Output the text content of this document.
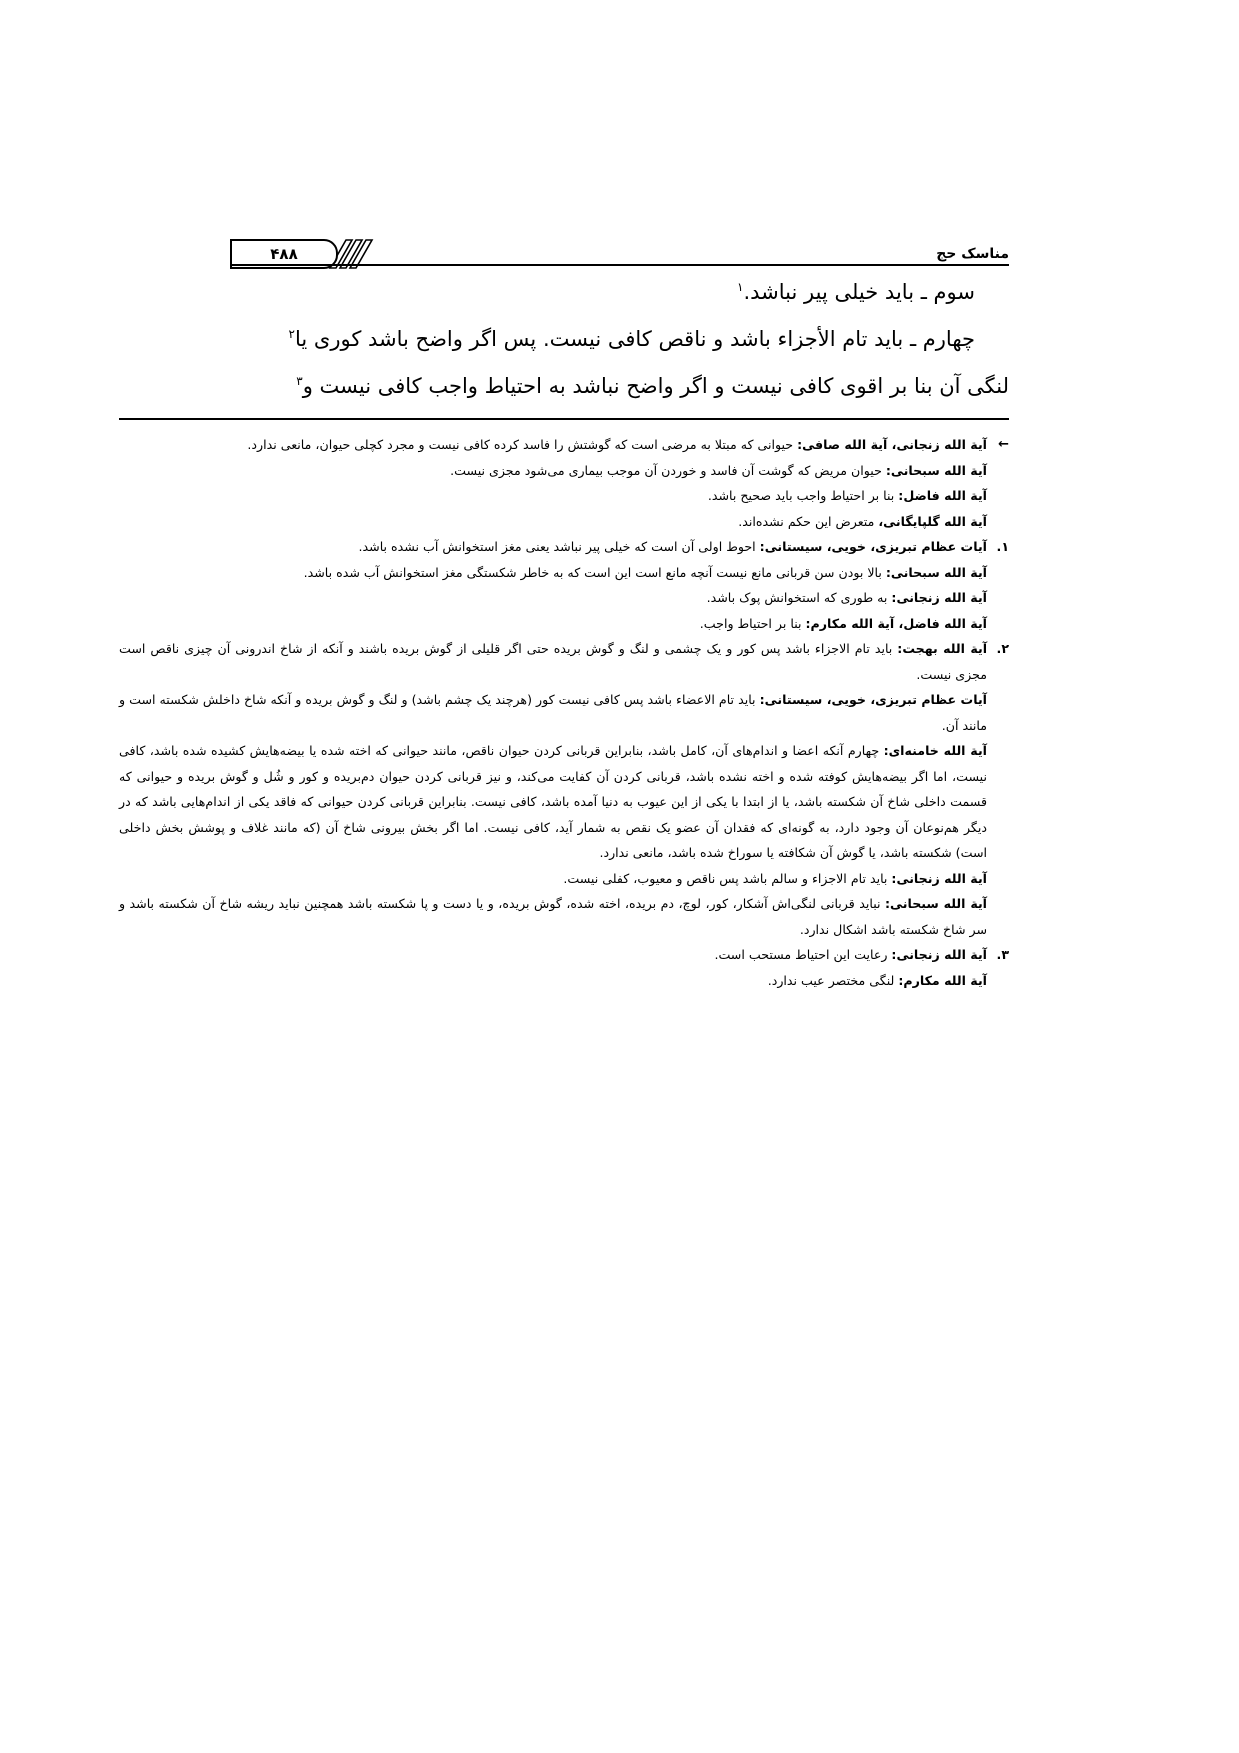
مناسک حج
۴۸۸
سوم ـ باید خیلی پیر نباشد.$^۱$
چهارم ـ باید تام الأجزاء باشد و ناقص کافی نیست. پس اگر واضح باشد کوری یا$^۲$
لنگی آن بنا بر اقوی کافی نیست و اگر واضح نباشد به احتیاط واجب کافی نیست و$^۳$
←
آیة الله زنجانی، آیة الله صافی: حیوانی که مبتلا به مرضی است که گوشتش را فاسد کرده کافی نیست و مجرد کچلی حیوان، مانعی ندارد.
آیة الله سبحانی: حیوان مریض که گوشت آن فاسد و خوردن آن موجب بیماری می‌شود مجزی نیست.
آیة الله فاضل: بنا بر احتیاط واجب باید صحیح باشد.
آیة الله گلپایگانی، متعرض این حکم نشده‌اند.
۱.
آیات عظام تبریزی، خویی، سیستانی: احوط اولی آن است که خیلی پیر نباشد یعنی مغز استخوانش آب نشده باشد.
آیة الله سبحانی: بالا بودن سن قربانی مانع نیست آنچه مانع است این است که به خاطر شکستگی مغز استخوانش آب شده باشد.
آیة الله زنجانی: به طوری که استخوانش پوک باشد.
آیة الله فاضل، آیة الله مکارم: بنا بر احتیاط واجب.
۲.
آیة الله بهجت: باید تام الاجزاء باشد پس کور و یک چشمی و لنگ و گوش بریده حتی اگر قلیلی از گوش بریده باشند و آنکه از شاخ اندرونی آن چیزی ناقص است مجزی نیست.
آیات عظام تبریزی، خویی، سیستانی: باید تام الاعضاء باشد پس کافی نیست کور (هرچند یک چشم باشد) و لنگ و گوش بریده و آنکه شاخ داخلش شکسته است و مانند آن.
آیة الله خامنه‌ای: چهارم آنکه اعضا و اندام‌های آن، کامل باشد، بنابراین قربانی کردن حیوان ناقص، مانند حیوانی که اخته شده یا بیضه‌هایش کشیده شده باشد، کافی نیست، اما اگر بیضه‌هایش کوفته شده و اخته نشده باشد، قربانی کردن آن کفایت می‌کند، و نیز قربانی کردن حیوان دم‌بریده و کور و شُل و گوش بریده و حیوانی که قسمت داخلی شاخ آن شکسته باشد، یا از ابتدا با یکی از این عیوب به دنیا آمده باشد، کافی نیست. بنابراین قربانی کردن حیوانی که فاقد یکی از اندام‌هایی باشد که در دیگر هم‌نوعان آن وجود دارد، به گونه‌ای که فقدان آن عضو یک نقص به شمار آید، کافی نیست. اما اگر بخش بیرونی شاخ آن (که مانند غلاف و پوشش بخش داخلی است) شکسته باشد، یا گوش آن شکافته یا سوراخ شده باشد، مانعی ندارد.
آیة الله زنجانی: باید تام الاجزاء و سالم باشد پس ناقص و معیوب، کفلی نیست.
آیة الله سبحانی: نباید قربانی لنگی‌اش آشکار، کور، لوچ، دم بریده، اخته شده، گوش بریده، و یا دست و پا شکسته باشد همچنین نباید ریشه شاخ آن شکسته باشد و سر شاخ شکسته باشد اشکال ندارد.
۳.
آیة الله زنجانی: رعایت این احتیاط مستحب است.
آیة الله مکارم: لنگی مختصر عیب ندارد.
